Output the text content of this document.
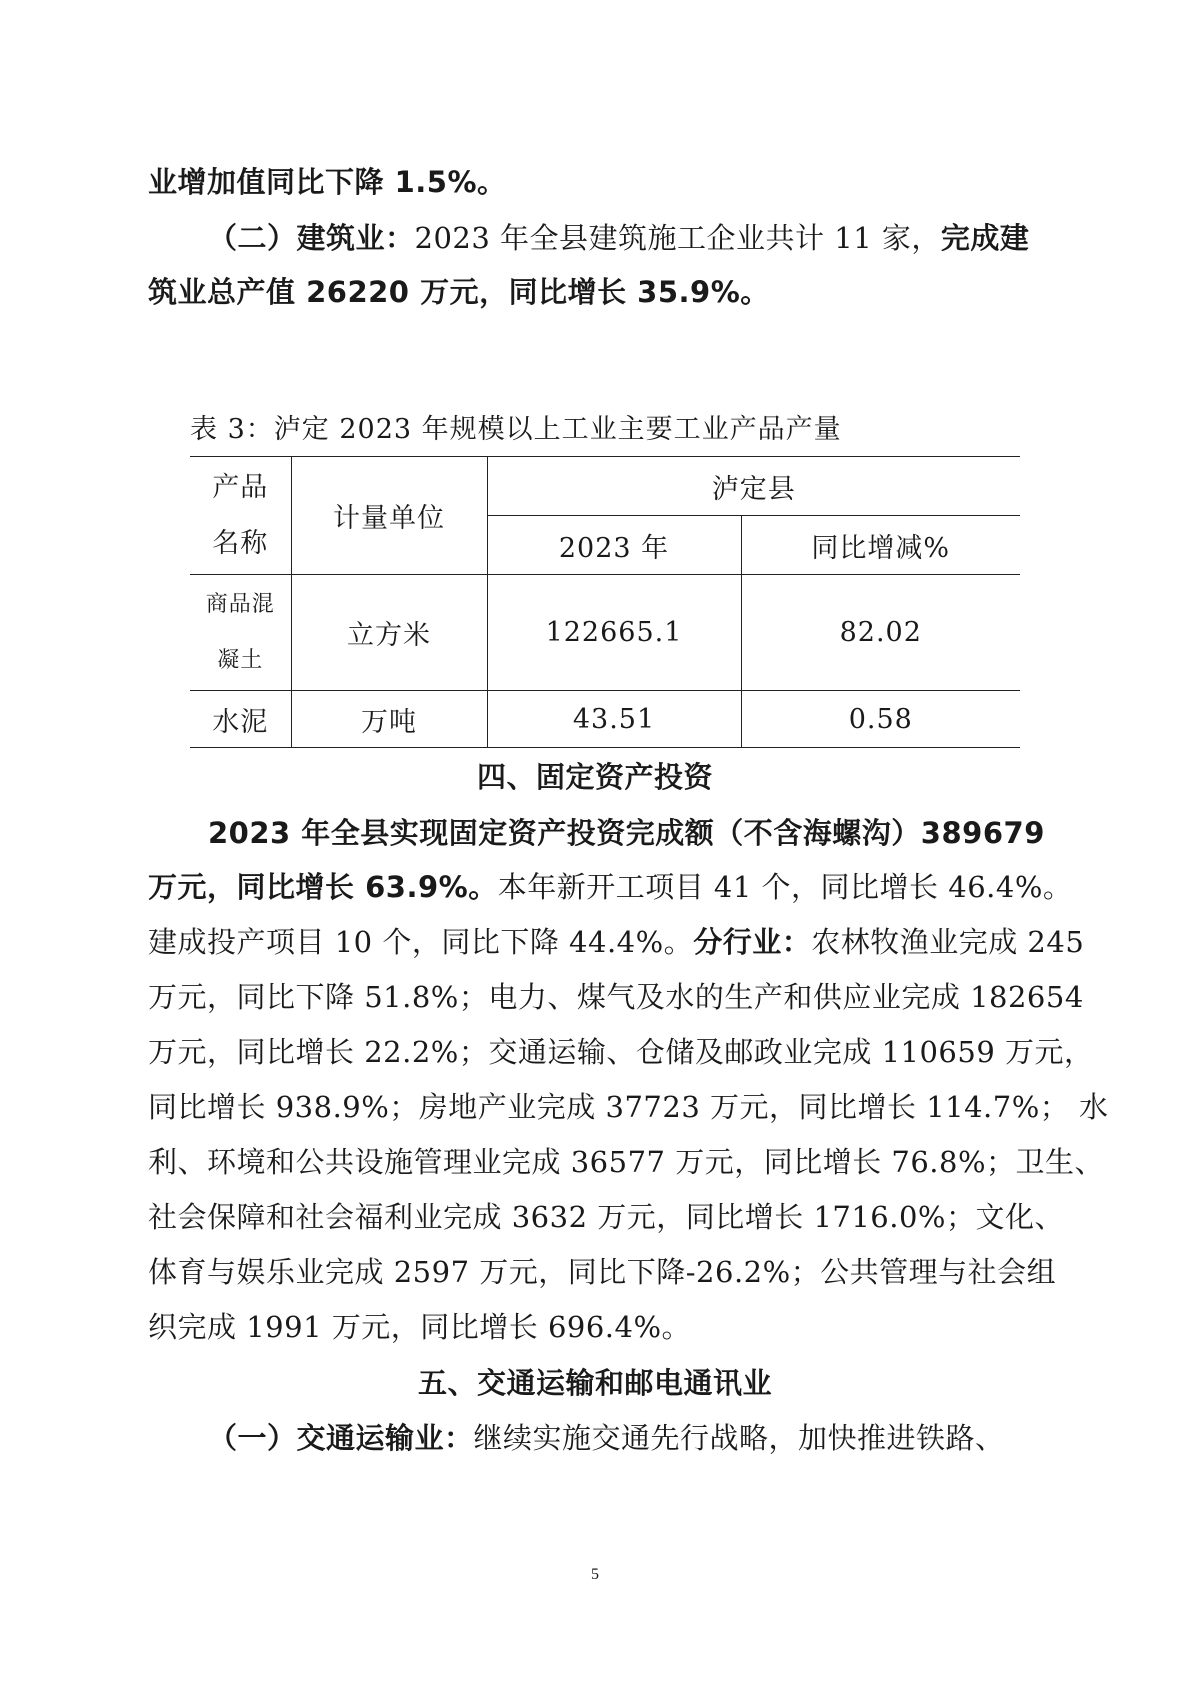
业增加值同比下降 1.5%。
（二）建筑业：2023 年全县建筑施工企业共计 11 家，完成建
筑业总产值 26220 万元，同比增长 35.9%。
表 3：泸定 2023 年规模以上工业主要工业产品产量
产品
名称	计量单位	泸定县	
		2023 年	同比增减%

商品混
凝土	立方米	122665.1	82.02
水泥	万吨	43.51	0.58
四、固定资产投资
2023 年全县实现固定资产投资完成额（不含海螺沟）389679
万元，同比增长 63.9%。本年新开工项目 41 个，同比增长 46.4%。
建成投产项目 10 个，同比下降 44.4%。分行业：农林牧渔业完成 245
万元，同比下降 51.8%；电力、煤气及水的生产和供应业完成 182654
万元，同比增长 22.2%；交通运输、仓储及邮政业完成 110659 万元，
同比增长 938.9%；房地产业完成 37723 万元，同比增长 114.7%； 水
利、环境和公共设施管理业完成 36577 万元，同比增长 76.8%；卫生、
社会保障和社会福利业完成 3632 万元，同比增长 1716.0%；文化、
体育与娱乐业完成 2597 万元，同比下降-26.2%；公共管理与社会组
织完成 1991 万元，同比增长 696.4%。
五、交通运输和邮电通讯业
（一）交通运输业：继续实施交通先行战略，加快推进铁路、
5
